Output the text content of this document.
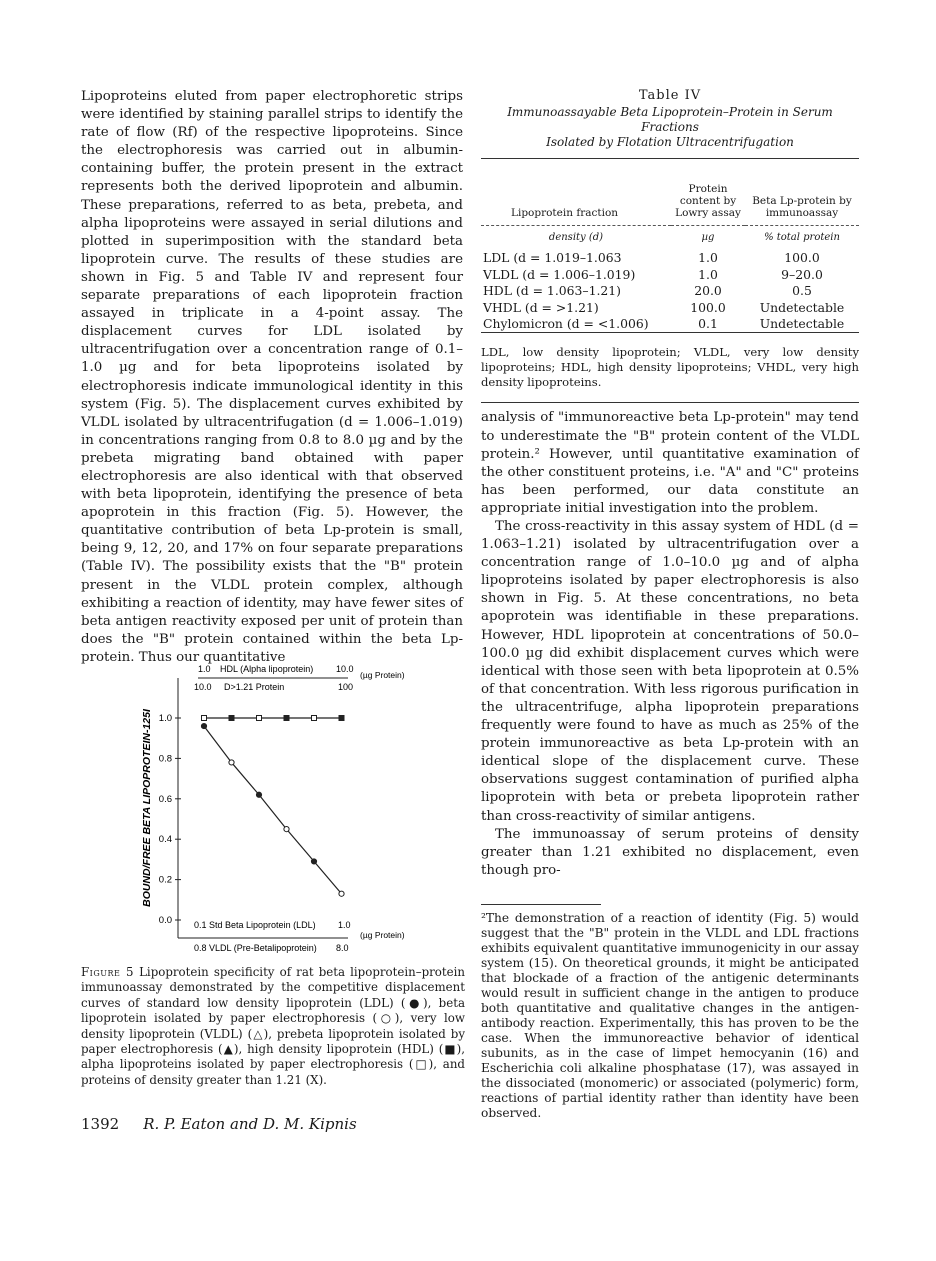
Lipoproteins eluted from paper electrophoretic strips were identified by staining parallel strips to identify the rate of flow (Rf) of the respective lipoproteins. Since the electrophoresis was carried out in albumin-containing buffer, the protein present in the extract represents both the derived lipoprotein and albumin. These preparations, referred to as beta, prebeta, and alpha lipoproteins were assayed in serial dilutions and plotted in superimposition with the standard beta lipoprotein curve. The results of these studies are shown in Fig. 5 and Table IV and represent four separate preparations of each lipoprotein fraction assayed in triplicate in a 4-point assay. The displacement curves for LDL isolated by ultracentrifugation over a concentration range of 0.1–1.0 µg and for beta lipoproteins isolated by electrophoresis indicate immunological identity in this system (Fig. 5). The displacement curves exhibited by VLDL isolated by ultracentrifugation (d = 1.006–1.019) in concentrations ranging from 0.8 to 8.0 µg and by the prebeta migrating band obtained with paper electrophoresis are also identical with that observed with beta lipoprotein, identifying the presence of beta apoprotein in this fraction (Fig. 5). However, the quantitative contribution of beta Lp-protein is small, being 9, 12, 20, and 17% on four separate preparations (Table IV). The possibility exists that the "B" protein present in the VLDL protein complex, although exhibiting a reaction of identity, may have fewer sites of beta antigen reactivity exposed per unit of protein than does the "B" protein contained within the beta Lp-protein. Thus our quantitative

BOUND/FREE BETA LIPOPROTEIN-125I
1.0 HDL (Alpha lipoprotein)	10.0
(µg Protein)
10.0 D>1.21 Protein	100
1.0
0.8
0.6
0.4
0.2
0.0 0.1 Std Beta Lipoprotein (LDL) 1.0
(µg Protein)
0.8 VLDL (Pre-Betalipoprotein) 8.0

Figure 5 Lipoprotein specificity of rat beta lipoprotein–protein immunoassay demonstrated by the competitive displacement curves of standard low density lipoprotein (LDL) (●), beta lipoprotein isolated by paper electrophoresis (○), very low density lipoprotein (VLDL) (△), prebeta lipoprotein isolated by paper electrophoresis (▲), high density lipoprotein (HDL) (■), alpha lipoproteins isolated by paper electrophoresis (□), and proteins of density greater than 1.21 (X).

Table IV

Immunoassayable Beta Lipoprotein–Protein in Serum Fractions
Isolated by Flotation Ultracentrifugation

Lipoprotein fraction	Protein content by Lowry assay	Beta Lp-protein by immunoassay
density (d)	µg	% total protein
LDL (d = 1.019–1.063	1.0	100.0
VLDL (d = 1.006–1.019)	1.0	9–20.0
HDL (d = 1.063–1.21)	20.0	0.5
VHDL (d = >1.21)	100.0	Undetectable
Chylomicron (d = <1.006)	0.1	Undetectable

LDL, low density lipoprotein; VLDL, very low density lipoproteins; HDL, high density lipoproteins; VHDL, very high density lipoproteins.

analysis of "immunoreactive beta Lp-protein" may tend to underestimate the "B" protein content of the VLDL protein.² However, until quantitative examination of the other constituent proteins, i.e. "A" and "C" proteins has been performed, our data constitute an appropriate initial investigation into the problem.

The cross-reactivity in this assay system of HDL (d = 1.063–1.21) isolated by ultracentrifugation over a concentration range of 1.0–10.0 µg and of alpha lipoproteins isolated by paper electrophoresis is also shown in Fig. 5. At these concentrations, no beta apoprotein was identifiable in these preparations. However, HDL lipoprotein at concentrations of 50.0–100.0 µg did exhibit displacement curves which were identical with those seen with beta lipoprotein at 0.5% of that concentration. With less rigorous purification in the ultracentrifuge, alpha lipoprotein preparations frequently were found to have as much as 25% of the protein immunoreactive as beta Lp-protein with an identical slope of the displacement curve. These observations suggest contamination of purified alpha lipoprotein with beta or prebeta lipoprotein rather than cross-reactivity of similar antigens.

The immunoassay of serum proteins of density greater than 1.21 exhibited no displacement, even though pro-

²The demonstration of a reaction of identity (Fig. 5) would suggest that the "B" protein in the VLDL and LDL fractions exhibits equivalent quantitative immunogenicity in our assay system (15). On theoretical grounds, it might be anticipated that blockade of a fraction of the antigenic determinants would result in sufficient change in the antigen to produce both quantitative and qualitative changes in the antigen-antibody reaction. Experimentally, this has proven to be the case. When the immunoreactive behavior of identical subunits, as in the case of limpet hemocyanin (16) and Escherichia coli alkaline phosphatase (17), was assayed in the dissociated (monomeric) or associated (polymeric) form, reactions of partial identity rather than identity have been observed.

1392 R. P. Eaton and D. M. Kipnis
